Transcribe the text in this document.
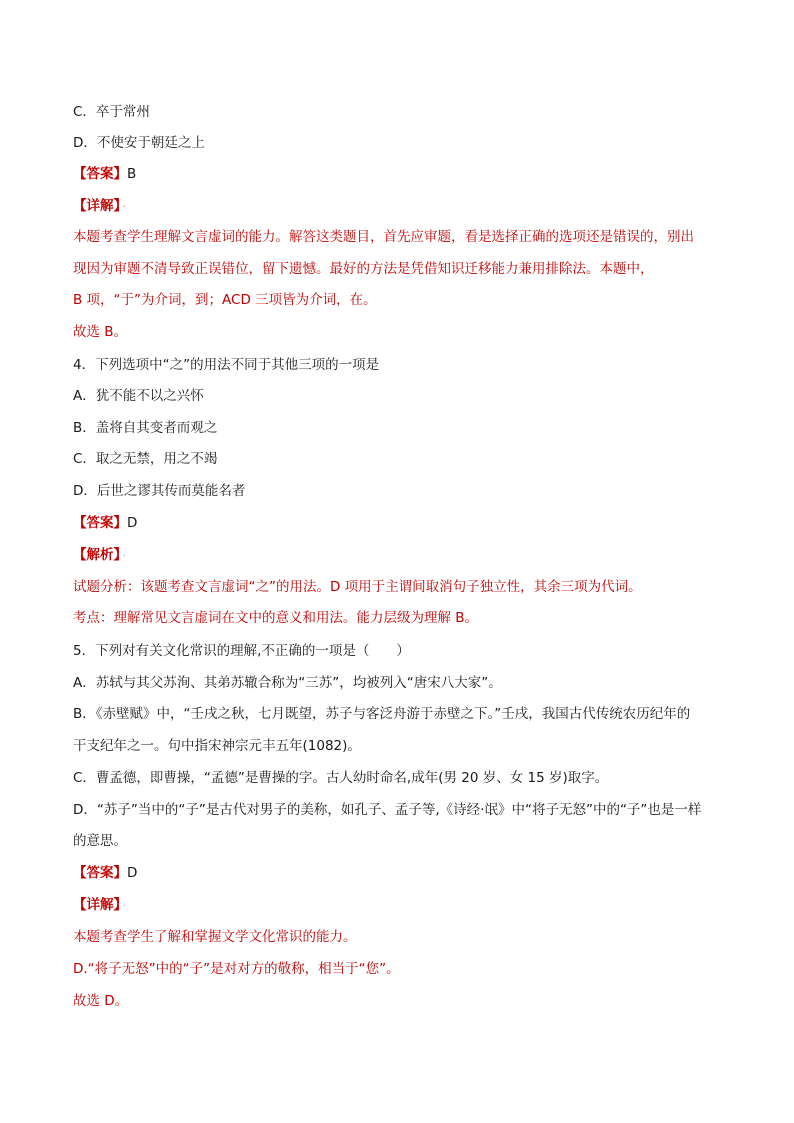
C．卒于常州
D．不使安于朝廷之上
【答案】B
【详解】 ·
本题考查学生理解文言虚词的能力。解答这类题目，首先应审题，看是选择正确的选项还是错误的，别出
现因为审题不清导致正误错位，留下遗憾。最好的方法是凭借知识迁移能力兼用排除法。本题中，
B 项，“于”为介词，到；ACD 三项皆为介词，在。
故选 B。
4．下列选项中“之”的用法不同于其他三项的一项是
A．犹不能不以之兴怀
B．盖将自其变者而观之
C．取之无禁，用之不竭
D．后世之谬其传而莫能名者
【答案】D
【解析】 ·
试题分析：该题考查文言虚词“之”的用法。D 项用于主谓间取消句子独立性，其余三项为代词。
考点：理解常见文言虚词在文中的意义和用法。能力层级为理解 B。
5．下列对有关文化常识的理解,不正确的一项是（　　）
A．苏轼与其父苏洵、其弟苏辙合称为“三苏”，均被列入“唐宋八大家”。
B．《赤壁赋》中，“壬戌之秋，七月既望，苏子与客泛舟游于赤壁之下。”壬戌，我国古代传统农历纪年的
干支纪年之一。句中指宋神宗元丰五年(1082)。
C．曹孟德，即曹操，“孟德”是曹操的字。古人幼时命名,成年(男 20 岁、女 15 岁)取字。
D．“苏子”当中的“子”是古代对男子的美称，如孔子、孟子等,《诗经·氓》中“将子无怒”中的“子”也是一样
的意思。
【答案】D
【详解】 ·
本题考查学生了解和掌握文学文化常识的能力。
D.“将子无怒”中的“子”是对对方的敬称，相当于“您”。
故选 D。
